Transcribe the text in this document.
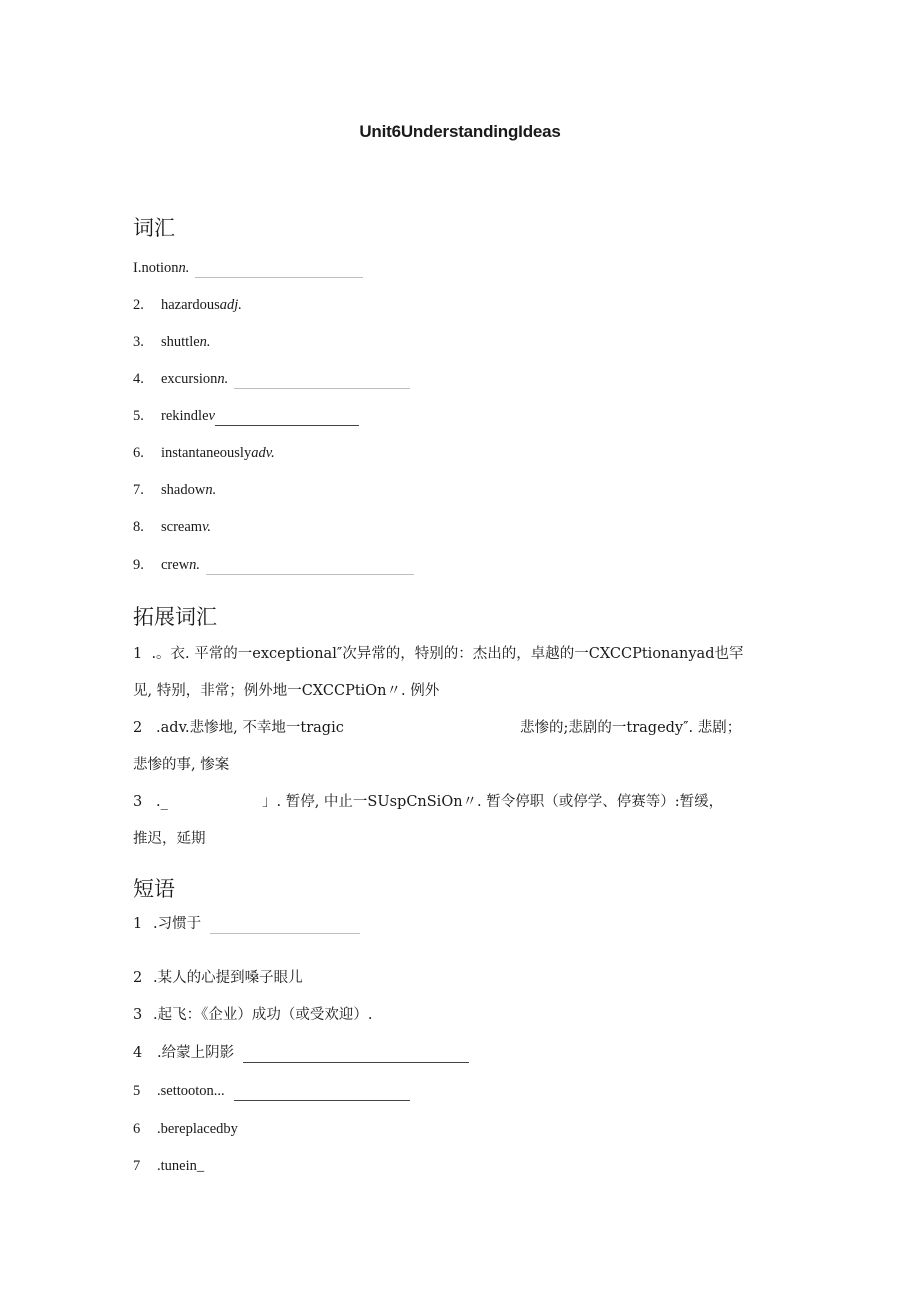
Unit6UnderstandingIdeas
词汇
I.notionn.
2. hazardousadj.
3. shuttlen.
4. excursionn.
5. rekindlev
6. instantaneouslyadv.
7. shadown.
8. screamv.
9. crewn.
拓展词汇
1  .。衣. 平常的一exceptional″次异常的，特别的：杰出的，卓越的一CXCCPtionanyad也罕
见, 特别，非常；例外地一CXCCPtiOn〃. 例外
2   .adv.悲惨地, 不幸地一tragic	悲惨的;悲剧的一tragedy″. 悲剧；
悲惨的事, 惨案
3   ._	」. 暂停, 中止一SUspCnSiOn〃. 暂令停职（或停学、停赛等）:暂缓，
推迟，延期
短语
1 .习惯于
2 .某人的心提到嗓子眼儿
3 .起飞：《企业）成功（或受欢迎）.
4 .给蒙上阴影
5 .settooton...
6 .bereplacedby
7 .tunein_
